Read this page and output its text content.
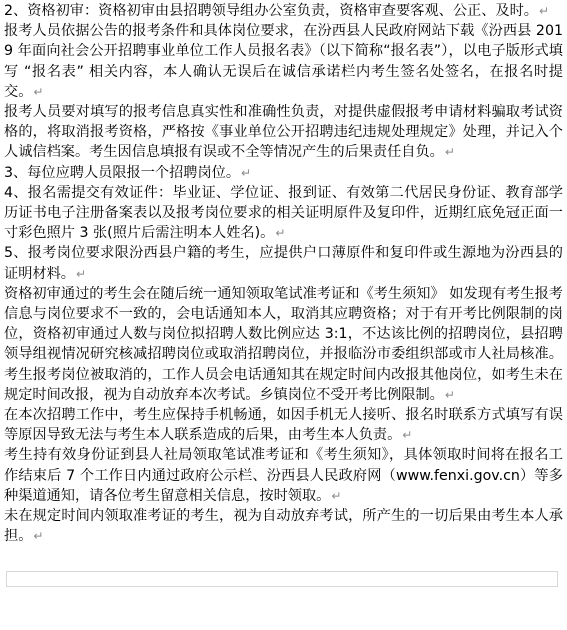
2、资格初审：资格初审由县招聘领导组办公室负责，资格审查要客观、公正、及时。↵

报考人员依据公告的报考条件和具体岗位要求，在汾西县人民政府网站下载《汾西县 2019 年面向社会公开招聘事业单位工作人员报名表》（以下简称“报名表”），以电子版形式填写 “报名表” 相关内容，本人确认无误后在诚信承诺栏内考生签名处签名，在报名时提交。↵

报考人员要对填写的报考信息真实性和准确性负责，对提供虚假报考申请材料骗取考试资格的，将取消报考资格，严格按《事业单位公开招聘违纪违规处理规定》处理，并记入个人诚信档案。考生因信息填报有误或不全等情况产生的后果责任自负。↵

3、每位应聘人员限报一个招聘岗位。↵

4、报名需提交有效证件：毕业证、学位证、报到证、有效第二代居民身份证、教育部学历证书电子注册备案表以及报考岗位要求的相关证明原件及复印件，近期红底免冠正面一寸彩色照片 3 张(照片后需注明本人姓名)。↵

5、报考岗位要求限汾西县户籍的考生，应提供户口薄原件和复印件或生源地为汾西县的证明材料。↵

资格初审通过的考生会在随后统一通知领取笔试准考证和《考生须知》 如发现有考生报考信息与岗位要求不一致的，会电话通知本人，取消其应聘资格；对于有开考比例限制的岗位，资格初审通过人数与岗位拟招聘人数比例应达 3:1，不达该比例的招聘岗位，县招聘领导组视情况研究核减招聘岗位或取消招聘岗位，并报临汾市委组织部或市人社局核准。考生报考岗位被取消的，工作人员会电话通知其在规定时间内改报其他岗位，如考生未在规定时间改报，视为自动放弃本次考试。乡镇岗位不受开考比例限制。↵

在本次招聘工作中，考生应保持手机畅通，如因手机无人接听、报名时联系方式填写有误等原因导致无法与考生本人联系造成的后果，由考生本人负责。↵

考生持有效身份证到县人社局领取笔试准考证和《考生须知》，具体领取时间将在报名工作结束后 7 个工作日内通过政府公示栏、汾西县人民政府网（www.fenxi.gov.cn）等多种渠道通知，请各位考生留意相关信息，按时领取。↵

未在规定时间内领取准考证的考生，视为自动放弃考试，所产生的一切后果由考生本人承担。↵
